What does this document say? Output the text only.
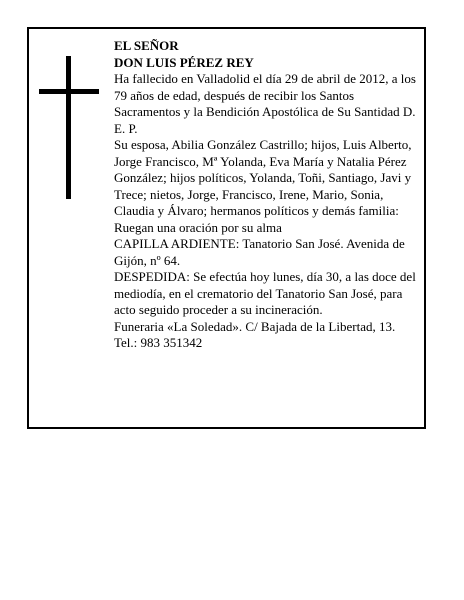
EL SEÑOR

DON LUIS PÉREZ REY

Ha fallecido en Valladolid el día 29 de abril de 2012, a los 79 años de edad, después de recibir los Santos Sacramentos y la Bendición Apostólica de Su Santidad D. E. P.

Su esposa, Abilia González Castrillo; hijos, Luis Alberto, Jorge Francisco, Mª Yolanda, Eva María y Natalia Pérez González; hijos políticos, Yolanda, Toñi, Santiago, Javi y Trece; nietos, Jorge, Francisco, Irene, Mario, Sonia, Claudia y Álvaro; hermanos políticos y demás familia:

Ruegan una oración por su alma

CAPILLA ARDIENTE: Tanatorio San José. Avenida de Gijón, nº 64.

DESPEDIDA: Se efectúa hoy lunes, día 30, a las doce del mediodía, en el crematorio del Tanatorio San José, para acto seguido proceder a su incineración.

Funeraria «La Soledad». C/ Bajada de la Libertad, 13. Tel.: 983 351342
